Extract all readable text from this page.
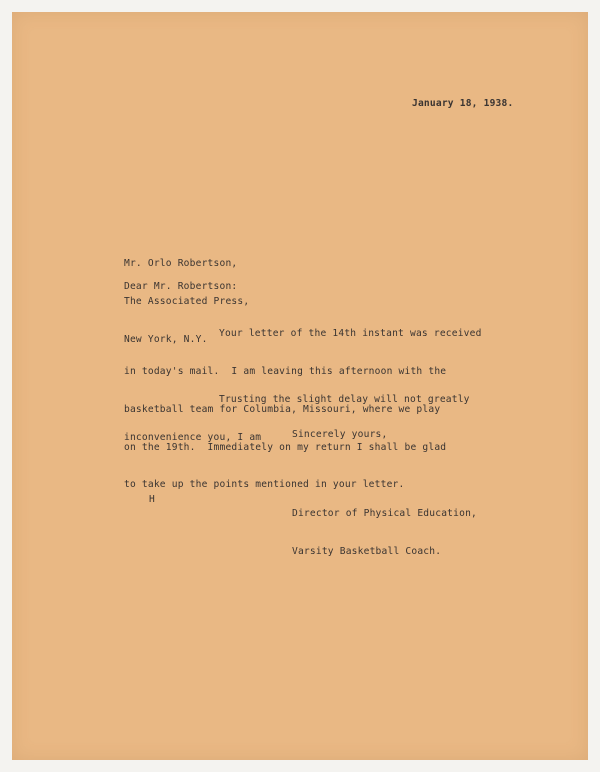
January 18, 1938.

Mr. Orlo Robertson,

The Associated Press,

New York, N.Y.

Dear Mr. Robertson:

Your letter of the 14th instant was received

in today's mail.  I am leaving this afternoon with the

basketball team for Columbia, Missouri, where we play

on the 19th.  Immediately on my return I shall be glad

to take up the points mentioned in your letter.

Trusting the slight delay will not greatly

inconvenience you, I am

	Sincerely yours,

Director of Physical Education,

Varsity Basketball Coach.

H
